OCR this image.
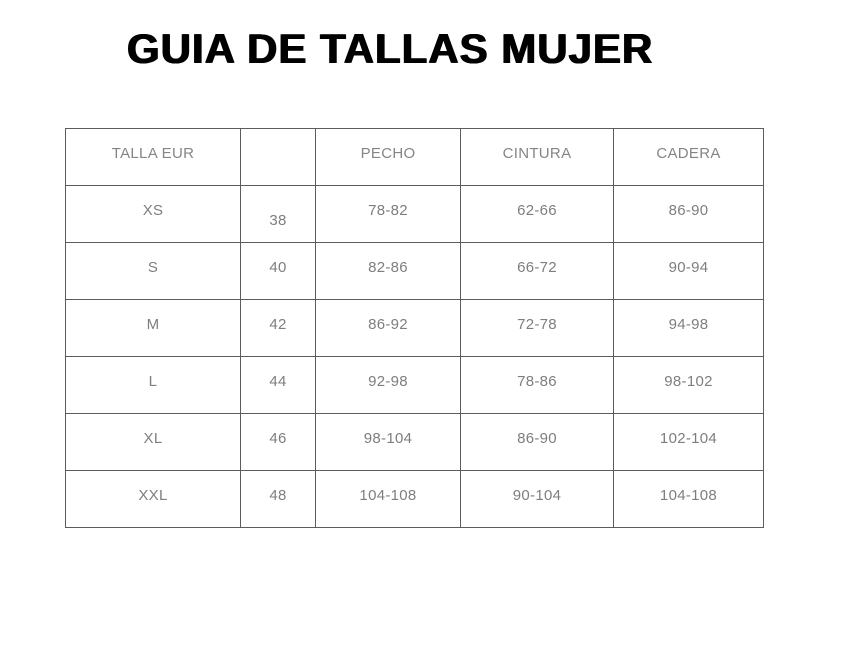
GUIA DE TALLAS MUJER
TALLA EUR		PECHO	CINTURA	CADERA
XS	38	78-82	62-66	86-90
S	40	82-86	66-72	90-94
M	42	86-92	72-78	94-98
L	44	92-98	78-86	98-102
XL	46	98-104	86-90	102-104
XXL	48	104-108	90-104	104-108
